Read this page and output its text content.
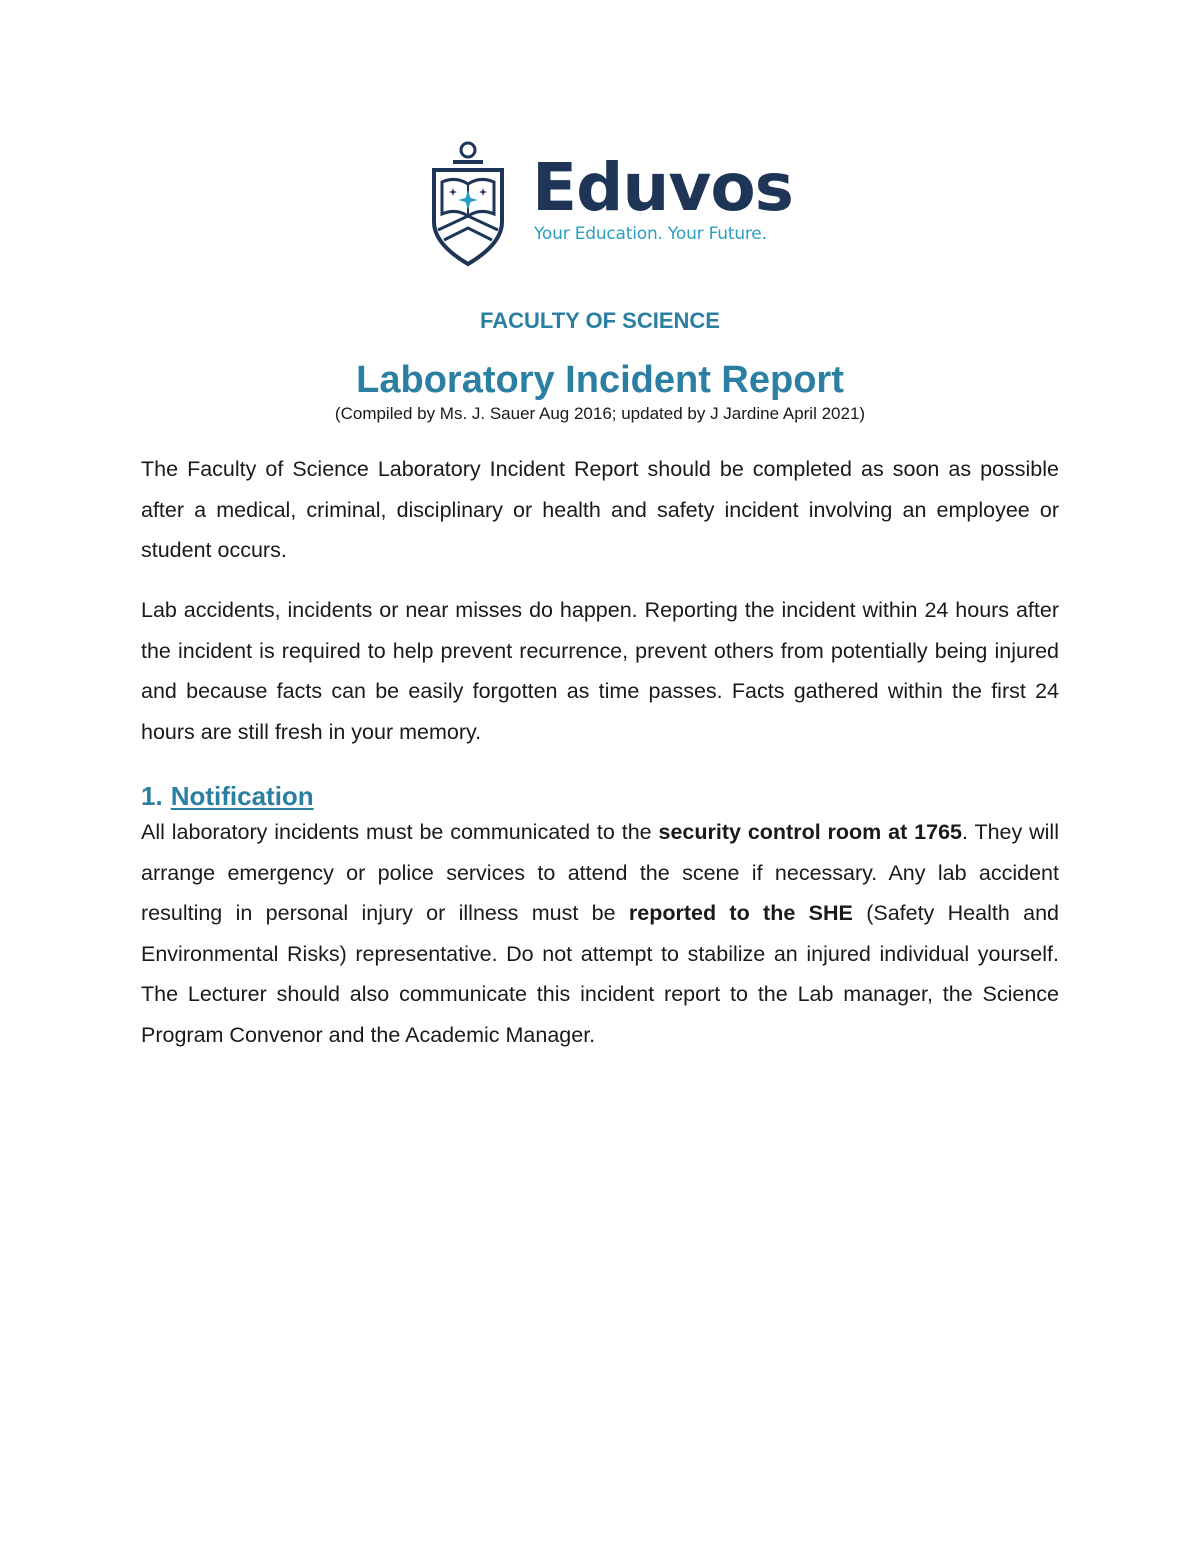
Eduvos
Your Education. Your Future.
FACULTY OF SCIENCE
Laboratory Incident Report
(Compiled by Ms. J. Sauer Aug 2016; updated by J Jardine April 2021)
The Faculty of Science Laboratory Incident Report should be completed as soon as possible after a medical, criminal, disciplinary or health and safety incident involving an employee or student occurs.
Lab accidents, incidents or near misses do happen. Reporting the incident within 24 hours after the incident is required to help prevent recurrence, prevent others from potentially being injured and because facts can be easily forgotten as time passes. Facts gathered within the first 24 hours are still fresh in your memory.
1. Notification
All laboratory incidents must be communicated to the security control room at 1765. They will arrange emergency or police services to attend the scene if necessary. Any lab accident resulting in personal injury or illness must be reported to the SHE (Safety Health and Environmental Risks) representative. Do not attempt to stabilize an injured individual yourself. The Lecturer should also communicate this incident report to the Lab manager, the Science Program Convenor and the Academic Manager.
